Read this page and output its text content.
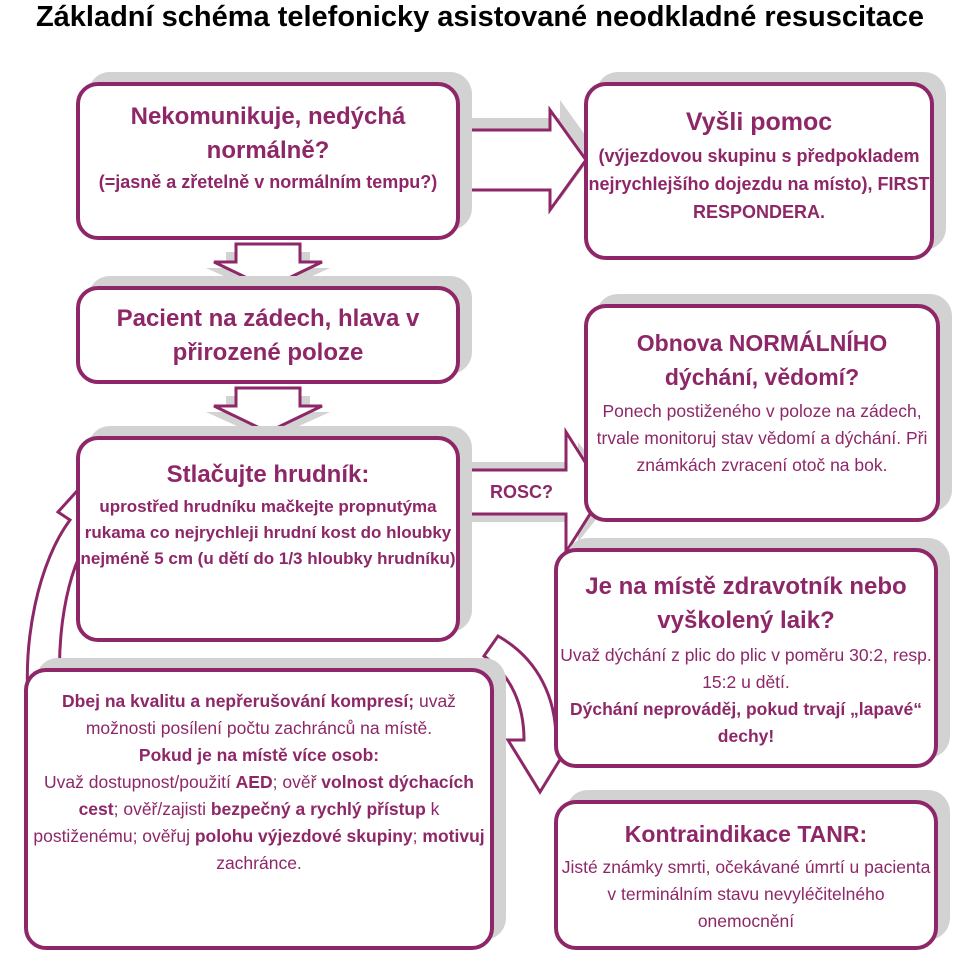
Základní schéma telefonicky asistované neodkladné resuscitace
Nekomunikuje, nedýchá normálně?
(=jasně a zřetelně v normálním tempu?)
Vyšli pomoc
(výjezdovou skupinu s předpokladem nejrychlejšího dojezdu na místo), FIRST RESPONDERA.
Pacient na zádech, hlava v přirozené poloze	Obnova NORMÁLNÍHO dýchání, vědomí?
Ponech postiženého v poloze na zádech, trvale monitoruj stav vědomí a dýchání. Při známkách zvracení otoč na bok.
Stlačujte hrudník:
uprostřed hrudníku mačkejte propnutýma rukama co nejrychleji hrudní kost do hloubky nejméně 5 cm (u dětí do 1/3 hloubky hrudníku)
Je na místě zdravotník nebo vyškolený laik?
Uvaž dýchání z plic do plic v poměru 30:2, resp. 15:2 u dětí.
Dýchání neprováděj, pokud trvají „lapavé“ dechy!
Dbej na kvalitu a nepřerušování kompresí; uvaž možnosti posílení počtu zachránců na místě.
Pokud je na místě více osob:
Uvaž dostupnost/použití AED; ověř volnost dýchacích cest; ověř/zajisti bezpečný a rychlý přístup k postiženému; ověřuj polohu výjezdové skupiny; motivuj zachránce.
Kontraindikace TANR:
Jisté známky smrti, očekávané úmrtí u pacienta v terminálním stavu nevyléčitelného onemocnění
ROSC?
